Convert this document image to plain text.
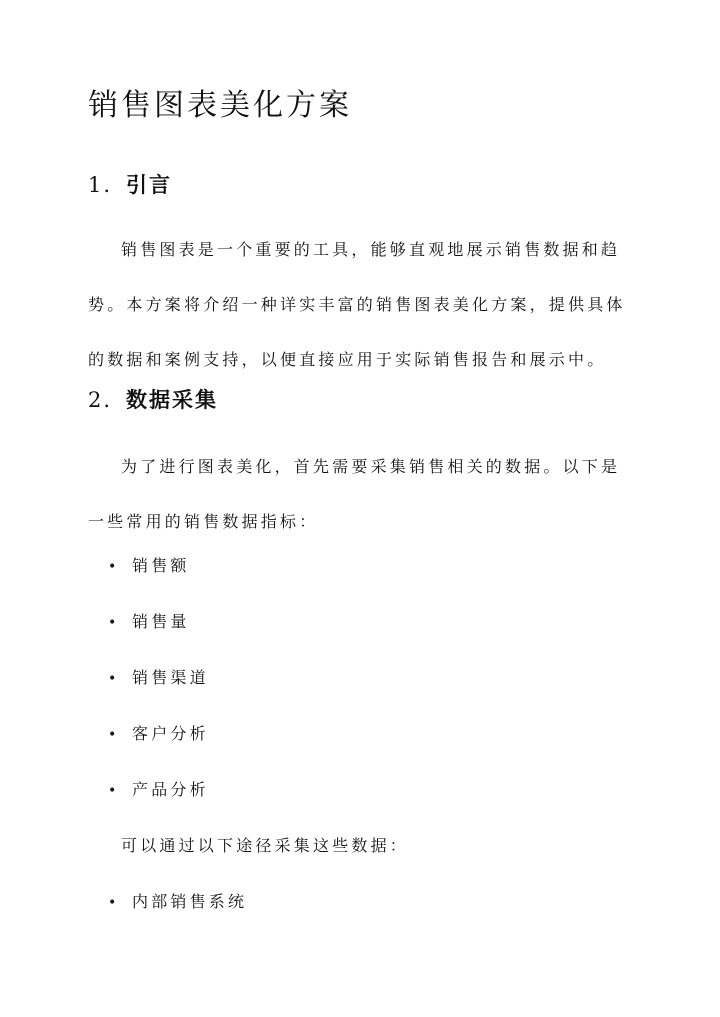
销售图表美化方案
1. 引言

销售图表是一个重要的工具，能够直观地展示销售数据和趋势。本方案将介绍一种详实丰富的销售图表美化方案，提供具体的数据和案例支持，以便直接应用于实际销售报告和展示中。

2. 数据采集

为了进行图表美化，首先需要采集销售相关的数据。以下是一些常用的销售数据指标：

• 销售额
• 销售量
• 销售渠道
• 客户分析
• 产品分析

可以通过以下途径采集这些数据：

• 内部销售系统
